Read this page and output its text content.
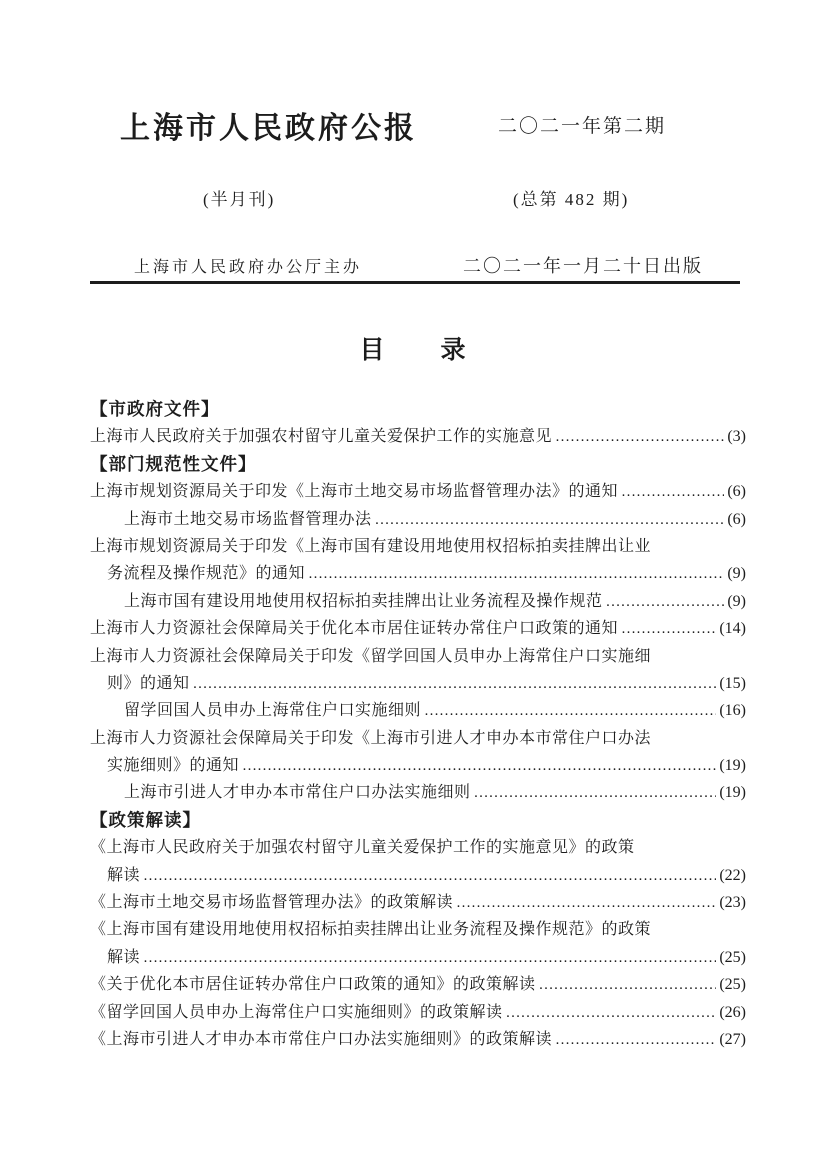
上海市人民政府公报	二〇二一年第二期
(半月刊)	(总第 482 期)
上海市人民政府办公厅主办	二〇二一年一月二十日出版
目　　录
【市政府文件】
上海市人民政府关于加强农村留守儿童关爱保护工作的实施意见 …………………………………………………………………………………………………………	(3)
【部门规范性文件】
上海市规划资源局关于印发《上海市土地交易市场监督管理办法》的通知 …………………………………………………………………………………………………………	(6)
上海市土地交易市场监督管理办法 …………………………………………………………………………………………………………	(6)
上海市规划资源局关于印发《上海市国有建设用地使用权招标拍卖挂牌出让业
务流程及操作规范》的通知 …………………………………………………………………………………………………………	(9)
上海市国有建设用地使用权招标拍卖挂牌出让业务流程及操作规范 …………………………………………………………………………………………………………	(9)
上海市人力资源社会保障局关于优化本市居住证转办常住户口政策的通知 …………………………………………………………………………………………………………	(14)
上海市人力资源社会保障局关于印发《留学回国人员申办上海常住户口实施细
则》的通知 …………………………………………………………………………………………………………	(15)
留学回国人员申办上海常住户口实施细则 …………………………………………………………………………………………………………	(16)
上海市人力资源社会保障局关于印发《上海市引进人才申办本市常住户口办法
实施细则》的通知 …………………………………………………………………………………………………………	(19)
上海市引进人才申办本市常住户口办法实施细则 …………………………………………………………………………………………………………	(19)
【政策解读】
《上海市人民政府关于加强农村留守儿童关爱保护工作的实施意见》的政策
解读 …………………………………………………………………………………………………………	(22)
《上海市土地交易市场监督管理办法》的政策解读 …………………………………………………………………………………………………………	(23)
《上海市国有建设用地使用权招标拍卖挂牌出让业务流程及操作规范》的政策
解读 …………………………………………………………………………………………………………	(25)
《关于优化本市居住证转办常住户口政策的通知》的政策解读 …………………………………………………………………………………………………………	(25)
《留学回国人员申办上海常住户口实施细则》的政策解读 …………………………………………………………………………………………………………	(26)
《上海市引进人才申办本市常住户口办法实施细则》的政策解读 …………………………………………………………………………………………………………	(27)
